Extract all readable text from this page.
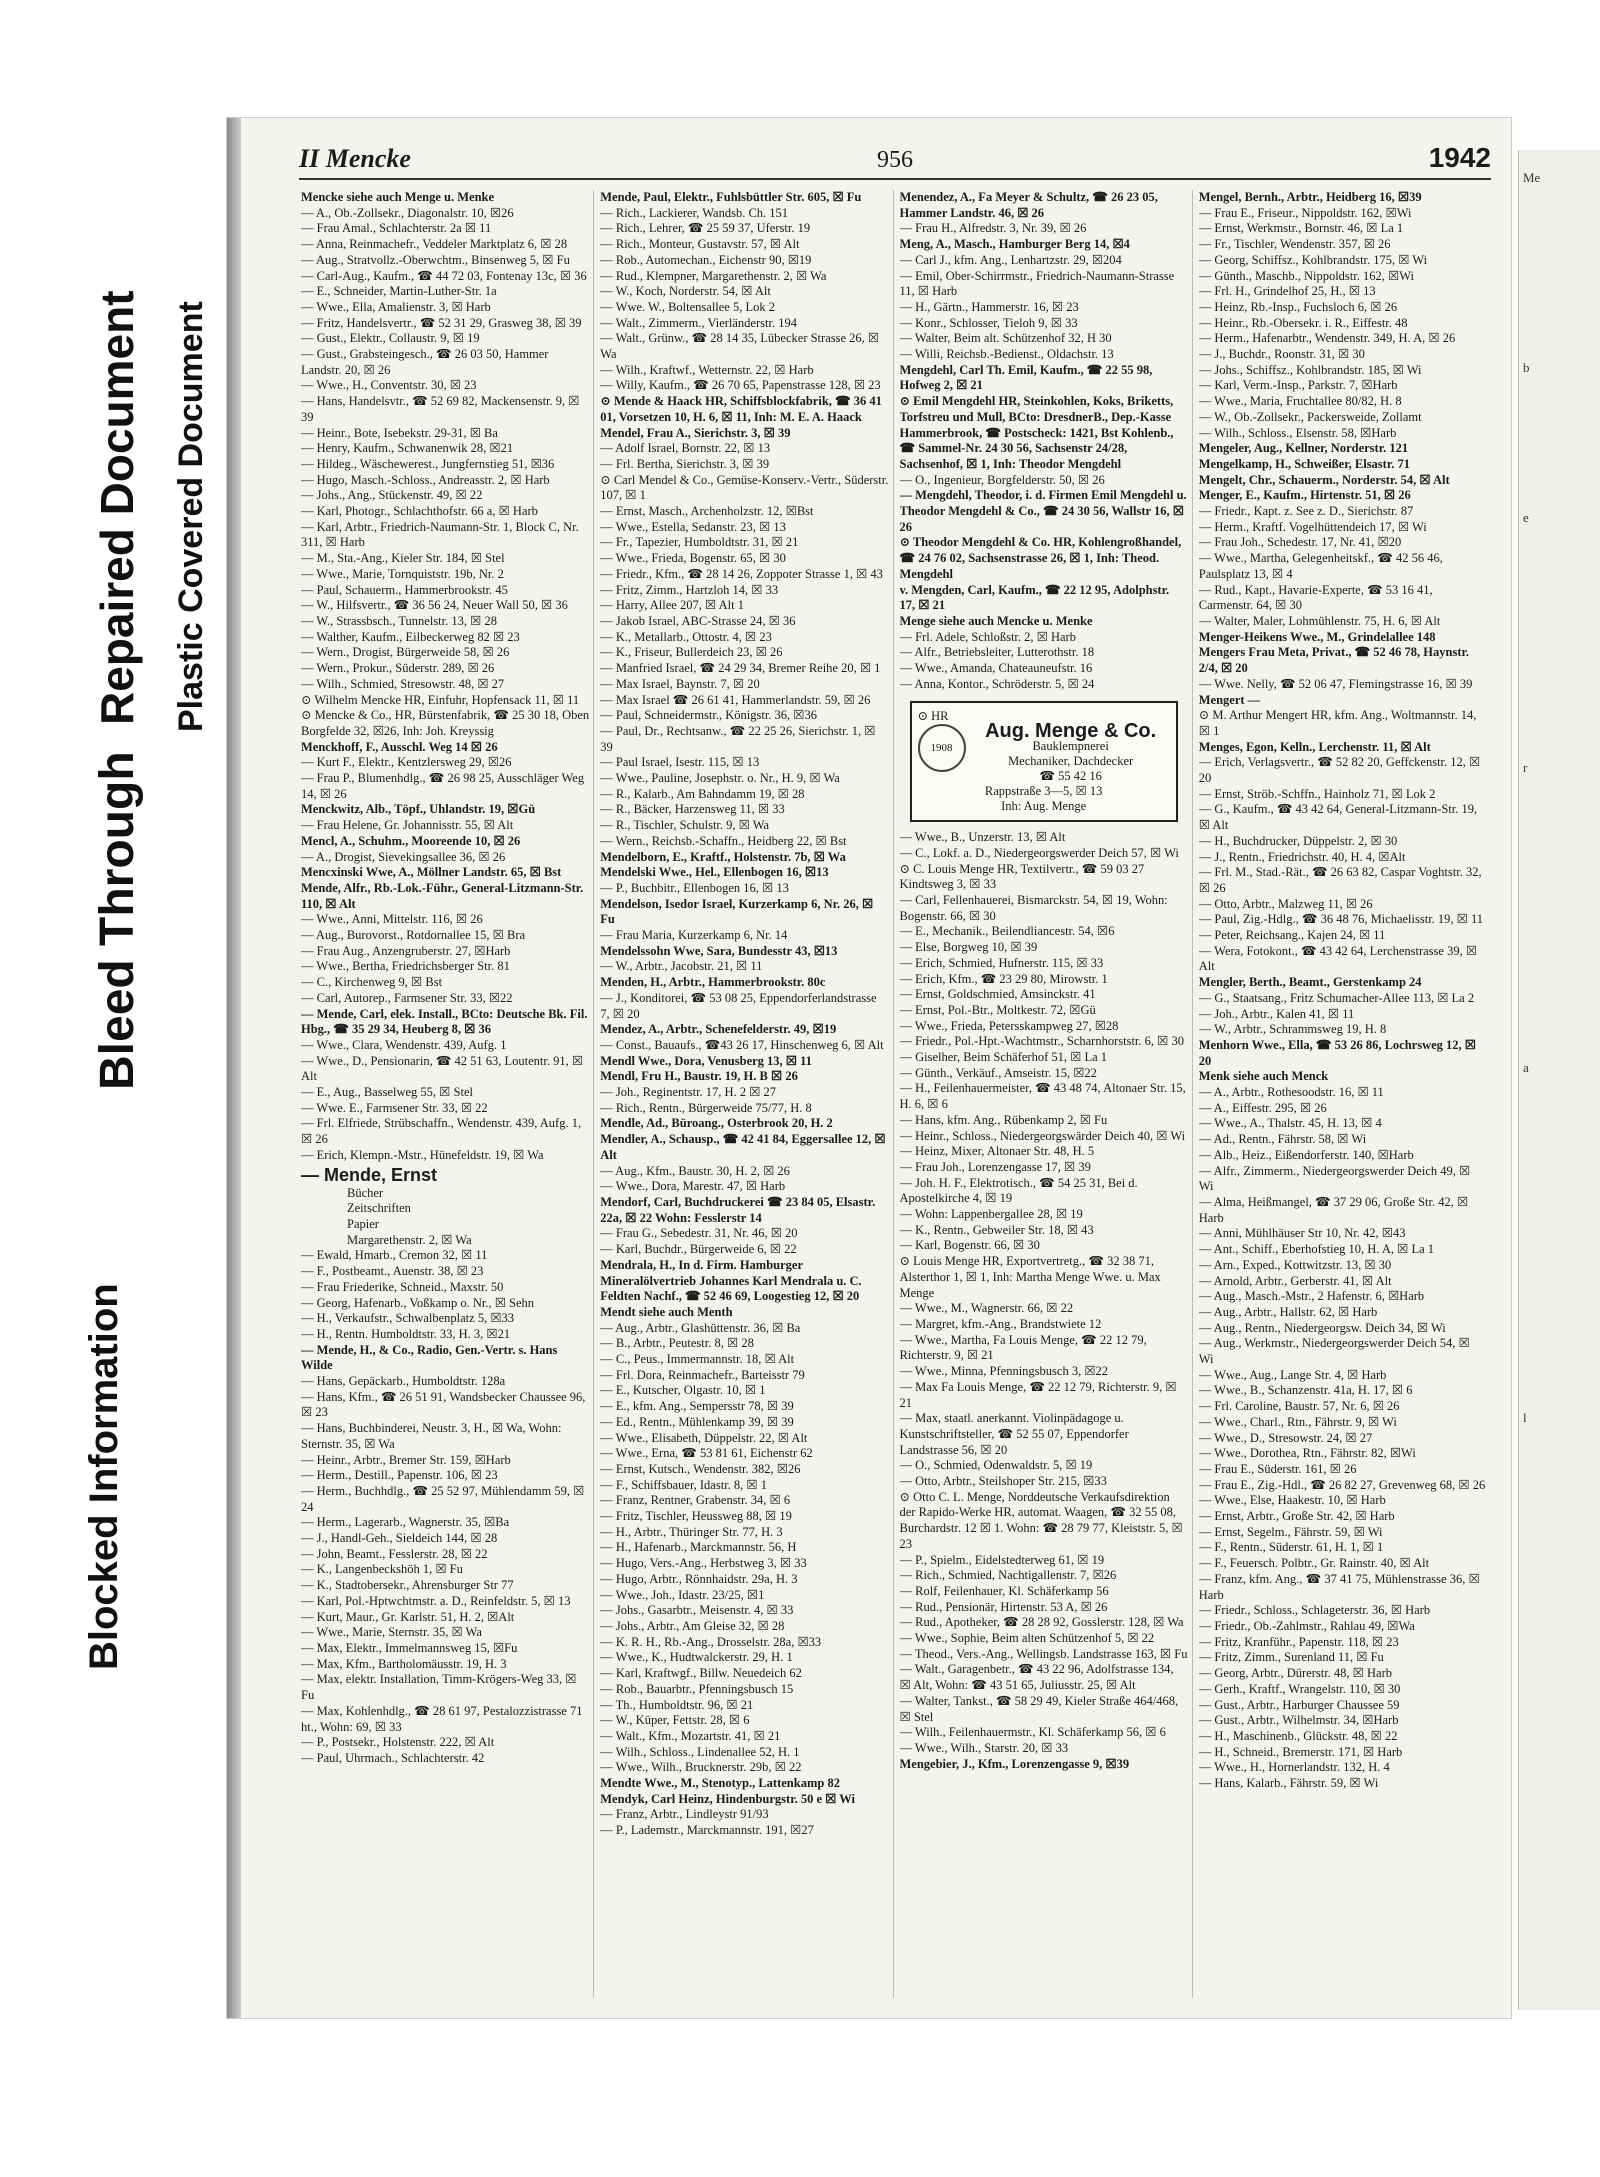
Blocked Information
Bleed Through
Repaired Document Plastic Covered Document
II Mencke	956	1942

Mencke siehe auch Menge u. Menke

— A., Ob.-Zollsekr., Diagonalstr. 10, ☒26

— Frau Amal., Schlachterstr. 2a ☒ 11

— Anna, Reinmachefr., Veddeler Marktplatz 6, ☒ 28

— Aug., Stratvollz.-Oberwchtm., Binsenweg 5, ☒ Fu

— Carl-Aug., Kaufm., ☎ 44 72 03, Fontenay 13c, ☒ 36

— E., Schneider, Martin-Luther-Str. 1a

— Wwe., Ella, Amalienstr. 3, ☒ Harb

— Fritz, Handelsvertr., ☎ 52 31 29, Grasweg 38, ☒ 39

— Gust., Elektr., Collaustr. 9, ☒ 19

— Gust., Grabsteingesch., ☎ 26 03 50, Hammer Landstr. 20, ☒ 26

— Wwe., H., Conventstr. 30, ☒ 23

— Hans, Handelsvtr., ☎ 52 69 82, Mackensenstr. 9, ☒ 39

— Heinr., Bote, Isebekstr. 29-31, ☒ Ba

— Henry, Kaufm., Schwanenwik 28, ☒21

— Hildeg., Wäschewerest., Jungfernstieg 51, ☒36

— Hugo, Masch.-Schloss., Andreasstr. 2, ☒ Harb

— Johs., Ang., Stückenstr. 49, ☒ 22

— Karl, Photogr., Schlachthofstr. 66 a, ☒ Harb

— Karl, Arbtr., Friedrich-Naumann-Str. 1, Block C, Nr. 311, ☒ Harb

— M., Sta.-Ang., Kieler Str. 184, ☒ Stel

— Wwe., Marie, Tornquiststr. 19b, Nr. 2

— Paul, Schauerm., Hammerbrookstr. 45

— W., Hilfsvertr., ☎ 36 56 24, Neuer Wall 50, ☒ 36

— W., Strassbsch., Tunnelstr. 13, ☒ 28

— Walther, Kaufm., Eilbeckerweg 82 ☒ 23

— Wern., Drogist, Bürgerweide 58, ☒ 26

— Wern., Prokur., Süderstr. 289, ☒ 26

— Wilh., Schmied, Stresowstr. 48, ☒ 27

⊙ Wilhelm Mencke HR, Einfuhr, Hopfensack 11, ☒ 11

⊙ Mencke & Co., HR, Bürstenfabrik, ☎ 25 30 18, Oben Borgfelde 32, ☒26, Inh: Joh. Kreyssig

Menckhoff, F., Ausschl. Weg 14 ☒ 26

— Kurt F., Elektr., Kentzlersweg 29, ☒26

— Frau P., Blumenhdlg., ☎ 26 98 25, Ausschläger Weg 14, ☒ 26

Menckwitz, Alb., Töpf., Uhlandstr. 19, ☒Gü

— Frau Helene, Gr. Johannisstr. 55, ☒ Alt

Mencl, A., Schuhm., Mooreende 10, ☒ 26

— A., Drogist, Sievekingsallee 36, ☒ 26

Mencxinski Wwe, A., Möllner Landstr. 65, ☒ Bst

Mende, Alfr., Rb.-Lok.-Führ., General-Litzmann-Str. 110, ☒ Alt

— Wwe., Anni, Mittelstr. 116, ☒ 26

— Aug., Burovorst., Rotdornallee 15, ☒ Bra

— Frau Aug., Anzengruberstr. 27, ☒Harb

— Wwe., Bertha, Friedrichsberger Str. 81

— C., Kirchenweg 9, ☒ Bst

— Carl, Autorep., Farmsener Str. 33, ☒22

— Mende, Carl, elek. Install., BCto: Deutsche Bk. Fil. Hbg., ☎ 35 29 34, Heuberg 8, ☒ 36

— Wwe., Clara, Wendenstr. 439, Aufg. 1

— Wwe., D., Pensionarin, ☎ 42 51 63, Loutentr. 91, ☒ Alt

— E., Aug., Basselweg 55, ☒ Stel

— Wwe. E., Farmsener Str. 33, ☒ 22

— Frl. Elfriede, Strübschaffn., Wendenstr. 439, Aufg. 1, ☒ 26

— Erich, Klempn.-Mstr., Hünefeldstr. 19, ☒ Wa

— Mende, Ernst

Bücher

Zeitschriften

Papier

Margarethenstr. 2, ☒ Wa

— Ewald, Hmarb., Cremon 32, ☒ 11

— F., Postbeamt., Auenstr. 38, ☒ 23

— Frau Friederike, Schneid., Maxstr. 50

— Georg, Hafenarb., Voßkamp o. Nr., ☒ Sehn

— H., Verkaufstr., Schwalbenplatz 5, ☒33

— H., Rentn. Humboldtstr. 33, H. 3, ☒21

— Mende, H., & Co., Radio, Gen.-Vertr. s. Hans Wilde

— Hans, Gepäckarb., Humboldtstr. 128a

— Hans, Kfm., ☎ 26 51 91, Wandsbecker Chaussee 96, ☒ 23

— Hans, Buchbinderei, Neustr. 3, H., ☒ Wa, Wohn: Sternstr. 35, ☒ Wa

— Heinr., Arbtr., Bremer Str. 159, ☒Harb

— Herm., Destill., Papenstr. 106, ☒ 23

— Herm., Buchhdlg., ☎ 25 52 97, Mühlendamm 59, ☒ 24

— Herm., Lagerarb., Wagnerstr. 35, ☒Ba

— J., Handl-Geh., Sieldeich 144, ☒ 28

— John, Beamt., Fesslerstr. 28, ☒ 22

— K., Langenbeckshöh 1, ☒ Fu

— K., Stadtobersekr., Ahrensburger Str 77

— Karl, Pol.-Hptwchtmstr. a. D., Reinfeldstr. 5, ☒ 13

— Kurt, Maur., Gr. Karlstr. 51, H. 2, ☒Alt

— Wwe., Marie, Sternstr. 35, ☒ Wa

— Max, Elektr., Immelmannsweg 15, ☒Fu

— Max, Kfm., Bartholomäusstr. 19, H. 3

— Max, elektr. Installation, Timm-Krögers-Weg 33, ☒ Fu

— Max, Kohlenhdlg., ☎ 28 61 97, Pestalozzistrasse 71 ht., Wohn: 69, ☒ 33

— P., Postsekr., Holstenstr. 222, ☒ Alt

— Paul, Uhrmach., Schlachterstr. 42

Mende, Paul, Elektr., Fuhlsbüttler Str. 605, ☒ Fu

— Rich., Lackierer, Wandsb. Ch. 151

— Rich., Lehrer, ☎ 25 59 37, Uferstr. 19

— Rich., Monteur, Gustavstr. 57, ☒ Alt

— Rob., Automechan., Eichenstr 90, ☒19

— Rud., Klempner, Margarethenstr. 2, ☒ Wa

— W., Koch, Norderstr. 54, ☒ Alt

— Wwe. W., Boltensallee 5, Lok 2

— Walt., Zimmerm., Vierländerstr. 194

— Walt., Grünw., ☎ 28 14 35, Lübecker Strasse 26, ☒ Wa

— Wilh., Kraftwf., Wetternstr. 22, ☒ Harb

— Willy, Kaufm., ☎ 26 70 65, Papenstrasse 128, ☒ 23

⊙ Mende & Haack HR, Schiffsblockfabrik, ☎ 36 41 01, Vorsetzen 10, H. 6, ☒ 11, Inh: M. E. A. Haack

Mendel, Frau A., Sierichstr. 3, ☒ 39

— Adolf Israel, Bornstr. 22, ☒ 13

— Frl. Bertha, Sierichstr. 3, ☒ 39

⊙ Carl Mendel & Co., Gemüse-Konserv.-Vertr., Süderstr. 107, ☒ 1

— Ernst, Masch., Archenholzstr. 12, ☒Bst

— Wwe., Estella, Sedanstr. 23, ☒ 13

— Fr., Tapezier, Humboldtstr. 31, ☒ 21

— Wwe., Frieda, Bogenstr. 65, ☒ 30

— Friedr., Kfm., ☎ 28 14 26, Zoppoter Strasse 1, ☒ 43

— Fritz, Zimm., Hartzloh 14, ☒ 33

— Harry, Allee 207, ☒ Alt 1

— Jakob Israel, ABC-Strasse 24, ☒ 36

— K., Metallarb., Ottostr. 4, ☒ 23

— K., Friseur, Bullerdeich 23, ☒ 26

— Manfried Israel, ☎ 24 29 34, Bremer Reihe 20, ☒ 1

— Max Israel, Baynstr. 7, ☒ 20

— Max Israel ☎ 26 61 41, Hammerlandstr. 59, ☒ 26

— Paul, Schneidermstr., Königstr. 36, ☒36

— Paul, Dr., Rechtsanw., ☎ 22 25 26, Sierichstr. 1, ☒ 39

— Paul Israel, Isestr. 115, ☒ 13

— Wwe., Pauline, Josephstr. o. Nr., H. 9, ☒ Wa

— R., Kalarb., Am Bahndamm 19, ☒ 28

— R., Bäcker, Harzensweg 11, ☒ 33

— R., Tischler, Schulstr. 9, ☒ Wa

— Wern., Reichsb.-Schaffn., Heidberg 22, ☒ Bst

Mendelborn, E., Kraftf., Holstenstr. 7b, ☒ Wa

Mendelski Wwe., Hel., Ellenbogen 16, ☒13

— P., Buchbitr., Ellenbogen 16, ☒ 13

Mendelson, Isedor Israel, Kurzerkamp 6, Nr. 26, ☒ Fu

— Frau Maria, Kurzerkamp 6, Nr. 14

Mendelssohn Wwe, Sara, Bundesstr 43, ☒13

— W., Arbtr., Jacobstr. 21, ☒ 11

Menden, H., Arbtr., Hammerbrookstr. 80c

— J., Konditorei, ☎ 53 08 25, Eppendorferlandstrasse 7, ☒ 20

Mendez, A., Arbtr., Schenefelderstr. 49, ☒19

— Const., Bauaufs., ☎43 26 17, Hinschenweg 6, ☒ Alt

Mendl Wwe., Dora, Venusberg 13, ☒ 11

Mendl, Fru H., Baustr. 19, H. B ☒ 26

— Joh., Reginentstr. 17, H. 2 ☒ 27

— Rich., Rentn., Bürgerweide 75/77, H. 8

Mendle, Ad., Büroang., Osterbrook 20, H. 2

Mendler, A., Schausp., ☎ 42 41 84, Eggersallee 12, ☒ Alt

— Aug., Kfm., Baustr. 30, H. 2, ☒ 26

— Wwe., Dora, Marestr. 47, ☒ Harb

Mendorf, Carl, Buchdruckerei ☎ 23 84 05, Elsastr. 22a, ☒ 22 Wohn: Fesslerstr 14

— Frau G., Sebedestr. 31, Nr. 46, ☒ 20

— Karl, Buchdr., Bürgerweide 6, ☒ 22

Mendrala, H., In d. Firm. Hamburger Mineralölvertrieb Johannes Karl Mendrala u. C. Feldten Nachf., ☎ 52 46 69, Loogestieg 12, ☒ 20

Mendt siehe auch Menth

— Aug., Arbtr., Glashüttenstr. 36, ☒ Ba

— B., Arbtr., Peutestr. 8, ☒ 28

— C., Peus., Immermannstr. 18, ☒ Alt

— Frl. Dora, Reinmachefr., Barteisstr 79

— E., Kutscher, Olgastr. 10, ☒ 1

— E., kfm. Ang., Sempersstr 78, ☒ 39

— Ed., Rentn., Mühlenkamp 39, ☒ 39

— Wwe., Elisabeth, Düppelstr. 22, ☒ Alt

— Wwe., Erna, ☎ 53 81 61, Eichenstr 62

— Ernst, Kutsch., Wendenstr. 382, ☒26

— F., Schiffsbauer, Idastr. 8, ☒ 1

— Franz, Rentner, Grabenstr. 34, ☒ 6

— Fritz, Tischler, Heussweg 88, ☒ 19

— H., Arbtr., Thüringer Str. 77, H. 3

— H., Hafenarb., Marckmannstr. 56, H

— Hugo, Vers.-Ang., Herbstweg 3, ☒ 33

— Hugo, Arbtr., Rönnhaidstr. 29a, H. 3

— Wwe., Joh., Idastr. 23/25, ☒1

— Johs., Gasarbtr., Meisenstr. 4, ☒ 33

— Johs., Arbtr., Am Gleise 32, ☒ 28

— K. R. H., Rb.-Ang., Drosselstr. 28a, ☒33

— Wwe., K., Hudtwalckerstr. 29, H. 1

— Karl, Kraftwgf., Billw. Neuedeich 62

— Rob., Bauarbtr., Pfenningsbusch 15

— Th., Humboldtstr. 96, ☒ 21

— W., Küper, Fettstr. 28, ☒ 6

— Walt., Kfm., Mozartstr. 41, ☒ 21

— Wilh., Schloss., Lindenallee 52, H. 1

— Wwe., Wilh., Brucknerstr. 29b, ☒ 22

Mendte Wwe., M., Stenotyp., Lattenkamp 82

Mendyk, Carl Heinz, Hindenburgstr. 50 e ☒ Wi

— Franz, Arbtr., Lindleystr 91/93

— P., Lademstr., Marckmannstr. 191, ☒27

Menendez, A., Fa Meyer & Schultz, ☎ 26 23 05, Hammer Landstr. 46, ☒ 26

— Frau H., Alfredstr. 3, Nr. 39, ☒ 26

Meng, A., Masch., Hamburger Berg 14, ☒4

— Carl J., kfm. Ang., Lenhartzstr. 29, ☒204

— Emil, Ober-Schirrmstr., Friedrich-Naumann-Strasse 11, ☒ Harb

— H., Gärtn., Hammerstr. 16, ☒ 23

— Konr., Schlosser, Tieloh 9, ☒ 33

— Walter, Beim alt. Schützenhof 32, H 30

— Willi, Reichsb.-Bedienst., Oldachstr. 13

Mengdehl, Carl Th. Emil, Kaufm., ☎ 22 55 98, Hofweg 2, ☒ 21

⊙ Emil Mengdehl HR, Steinkohlen, Koks, Briketts, Torfstreu und Mull, BCto: DresdnerB., Dep.-Kasse Hammerbrook, ☎ Postscheck: 1421, Bst Kohlenb., ☎ Sammel-Nr. 24 30 56, Sachsenstr 24/28, Sachsenhof, ☒ 1, Inh: Theodor Mengdehl

— O., Ingenieur, Borgfelderstr. 50, ☒ 26

— Mengdehl, Theodor, i. d. Firmen Emil Mengdehl u. Theodor Mengdehl & Co., ☎ 24 30 56, Wallstr 16, ☒ 26

⊙ Theodor Mengdehl & Co. HR, Kohlengroßhandel, ☎ 24 76 02, Sachsenstrasse 26, ☒ 1, Inh: Theod. Mengdehl

v. Mengden, Carl, Kaufm., ☎ 22 12 95, Adolphstr. 17, ☒ 21

Menge siehe auch Mencke u. Menke

— Frl. Adele, Schloßstr. 2, ☒ Harb

— Alfr., Betriebsleiter, Lutterothstr. 18

— Wwe., Amanda, Chateauneufstr. 16

— Anna, Kontor., Schröderstr. 5, ☒ 24

⊙ HR
1908
Aug. Menge & Co.
Bauklempnerei
Mechaniker, Dachdecker
☎ 55 42 16
Rappstraße 3—5, ☒ 13
Inh: Aug. Menge

— Wwe., B., Unzerstr. 13, ☒ Alt

— C., Lokf. a. D., Niedergeorgswerder Deich 57, ☒ Wi

⊙ C. Louis Menge HR, Textilvertr., ☎ 59 03 27 Kindtsweg 3, ☒ 33

— Carl, Fellenhauerei, Bismarckstr. 54, ☒ 19, Wohn: Bogenstr. 66, ☒ 30

— E., Mechanik., Beilendliancestr. 54, ☒6

— Else, Borgweg 10, ☒ 39

— Erich, Schmied, Hufnerstr. 115, ☒ 33

— Erich, Kfm., ☎ 23 29 80, Mirowstr. 1

— Ernst, Goldschmied, Amsinckstr. 41

— Ernst, Pol.-Btr., Moltkestr. 72, ☒Gü

— Wwe., Frieda, Petersskampweg 27, ☒28

— Friedr., Pol.-Hpt.-Wachtmstr., Scharnhorststr. 6, ☒ 30

— Giselher, Beim Schäferhof 51, ☒ La 1

— Günth., Verkäuf., Amseistr. 15, ☒22

— H., Feilenhauermeister, ☎ 43 48 74, Altonaer Str. 15, H. 6, ☒ 6

— Hans, kfm. Ang., Rübenkamp 2, ☒ Fu

— Heinr., Schloss., Niedergeorgswärder Deich 40, ☒ Wi

— Heinz, Mixer, Altonaer Str. 48, H. 5

— Frau Joh., Lorenzengasse 17, ☒ 39

— Joh. H. F., Elektrotisch., ☎ 54 25 31, Bei d. Apostelkirche 4, ☒ 19

— Wohn: Lappenbergallee 28, ☒ 19

— K., Rentn., Gebweiler Str. 18, ☒ 43

— Karl, Bogenstr. 66, ☒ 30

⊙ Louis Menge HR, Exportvertretg., ☎ 32 38 71, Alsterthor 1, ☒ 1, Inh: Martha Menge Wwe. u. Max Menge

— Wwe., M., Wagnerstr. 66, ☒ 22

— Margret, kfm.-Ang., Brandstwiete 12

— Wwe., Martha, Fa Louis Menge, ☎ 22 12 79, Richterstr. 9, ☒ 21

— Wwe., Minna, Pfenningsbusch 3, ☒22

— Max Fa Louis Menge, ☎ 22 12 79, Richterstr. 9, ☒ 21

— Max, staatl. anerkannt. Violinpädagoge u. Kunstschriftsteller, ☎ 52 55 07, Eppendorfer Landstrasse 56, ☒ 20

— O., Schmied, Odenwaldstr. 5, ☒ 19

— Otto, Arbtr., Steilshoper Str. 215, ☒33

⊙ Otto C. L. Menge, Norddeutsche Verkaufsdirektion der Rapido-Werke HR, automat. Waagen, ☎ 32 55 08, Burchardstr. 12 ☒ 1. Wohn: ☎ 28 79 77, Kleiststr. 5, ☒ 23

— P., Spielm., Eidelstedterweg 61, ☒ 19

— Rich., Schmied, Nachtigallenstr. 7, ☒26

— Rolf, Feilenhauer, Kl. Schäferkamp 56

— Rud., Pensionär, Hirtenstr. 53 A, ☒ 26

— Rud., Apotheker, ☎ 28 28 92, Gosslerstr. 128, ☒ Wa

— Wwe., Sophie, Beim alten Schützenhof 5, ☒ 22

— Theod., Vers.-Ang., Wellingsb. Landstrasse 163, ☒ Fu

— Walt., Garagenbetr., ☎ 43 22 96, Adolfstrasse 134, ☒ Alt, Wohn: ☎ 43 51 65, Juliusstr. 25, ☒ Alt

— Walter, Tankst., ☎ 58 29 49, Kieler Straße 464/468, ☒ Stel

— Wilh., Feilenhauermstr., Kl. Schäferkamp 56, ☒ 6

— Wwe., Wilh., Starstr. 20, ☒ 33

Mengebier, J., Kfm., Lorenzengasse 9, ☒39

Mengel, Bernh., Arbtr., Heidberg 16, ☒39

— Frau E., Friseur., Nippoldstr. 162, ☒Wi

— Ernst, Werkmstr., Bornstr. 46, ☒ La 1

— Fr., Tischler, Wendenstr. 357, ☒ 26

— Georg, Schiffsz., Kohlbrandstr. 175, ☒ Wi

— Günth., Maschb., Nippoldstr. 162, ☒Wi

— Frl. H., Grindelhof 25, H., ☒ 13

— Heinz, Rb.-Insp., Fuchsloch 6, ☒ 26

— Heinr., Rb.-Obersekr. i. R., Eiffestr. 48

— Herm., Hafenarbtr., Wendenstr. 349, H. A, ☒ 26

— J., Buchdr., Roonstr. 31, ☒ 30

— Johs., Schiffsz., Kohlbrandstr. 185, ☒ Wi

— Karl, Verm.-Insp., Parkstr. 7, ☒Harb

— Wwe., Maria, Fruchtallee 80/82, H. 8

— W., Ob.-Zollsekr., Packersweide, Zollamt

— Wilh., Schloss., Elsenstr. 58, ☒Harb

Mengeler, Aug., Kellner, Norderstr. 121

Mengelkamp, H., Schweißer, Elsastr. 71

Mengelt, Chr., Schauerm., Norderstr. 54, ☒ Alt

Menger, E., Kaufm., Hirtenstr. 51, ☒ 26

— Friedr., Kapt. z. See z. D., Sierichstr. 87

— Herm., Kraftf. Vogelhüttendeich 17, ☒ Wi

— Frau Joh., Schedestr. 17, Nr. 41, ☒20

— Wwe., Martha, Gelegenheitskf., ☎ 42 56 46, Paulsplatz 13, ☒ 4

— Rud., Kapt., Havarie-Experte, ☎ 53 16 41, Carmenstr. 64, ☒ 30

— Walter, Maler, Lohmühlenstr. 75, H. 6, ☒ Alt

Menger-Heikens Wwe., M., Grindelallee 148

Mengers Frau Meta, Privat., ☎ 52 46 78, Haynstr. 2/4, ☒ 20

— Wwe. Nelly, ☎ 52 06 47, Flemingstrasse 16, ☒ 39

Mengert —

⊙ M. Arthur Mengert HR, kfm. Ang., Woltmannstr. 14, ☒ 1

Menges, Egon, Kelln., Lerchenstr. 11, ☒ Alt

— Erich, Verlagsvertr., ☎ 52 82 20, Geffckenstr. 12, ☒ 20

— Ernst, Ströb.-Schffn., Hainholz 71, ☒ Lok 2

— G., Kaufm., ☎ 43 42 64, General-Litzmann-Str. 19, ☒ Alt

— H., Buchdrucker, Düppelstr. 2, ☒ 30

— J., Rentn., Friedrichstr. 40, H. 4, ☒Alt

— Frl. M., Stad.-Rät., ☎ 26 63 82, Caspar Voghtstr. 32, ☒ 26

— Otto, Arbtr., Malzweg 11, ☒ 26

— Paul, Zig.-Hdlg., ☎ 36 48 76, Michaelisstr. 19, ☒ 11

— Peter, Reichsang., Kajen 24, ☒ 11

— Wera, Fotokont., ☎ 43 42 64, Lerchenstrasse 39, ☒ Alt

Mengler, Berth., Beamt., Gerstenkamp 24

— G., Staatsang., Fritz Schumacher-Allee 113, ☒ La 2

— Joh., Arbtr., Kalen 41, ☒ 11

— W., Arbtr., Schrammsweg 19, H. 8

Menhorn Wwe., Ella, ☎ 53 26 86, Lochrsweg 12, ☒ 20

Menk siehe auch Menck

— A., Arbtr., Rothesoodstr. 16, ☒ 11

— A., Eiffestr. 295, ☒ 26

— Wwe., A., Thalstr. 45, H. 13, ☒ 4

— Ad., Rentn., Fährstr. 58, ☒ Wi

— Alb., Heiz., Eißendorferstr. 140, ☒Harb

— Alfr., Zimmerm., Niedergeorgswerder Deich 49, ☒ Wi

— Alma, Heißmangel, ☎ 37 29 06, Große Str. 42, ☒ Harb

— Anni, Mühlhäuser Str 10, Nr. 42, ☒43

— Ant., Schiff., Eberhofstieg 10, H. A, ☒ La 1

— Arn., Exped., Kottwitzstr. 13, ☒ 30

— Arnold, Arbtr., Gerberstr. 41, ☒ Alt

— Aug., Masch.-Mstr., 2 Hafenstr. 6, ☒Harb

— Aug., Arbtr., Hallstr. 62, ☒ Harb

— Aug., Rentn., Niedergeorgsw. Deich 34, ☒ Wi

— Aug., Werkmstr., Niedergeorgswerder Deich 54, ☒ Wi

— Wwe., Aug., Lange Str. 4, ☒ Harb

— Wwe., B., Schanzenstr. 41a, H. 17, ☒ 6

— Frl. Caroline, Baustr. 57, Nr. 6, ☒ 26

— Wwe., Charl., Rtn., Fährstr. 9, ☒ Wi

— Wwe., D., Stresowstr. 24, ☒ 27

— Wwe., Dorothea, Rtn., Fährstr. 82, ☒Wi

— Frau E., Süderstr. 161, ☒ 26

— Frau E., Zig.-Hdl., ☎ 26 82 27, Grevenweg 68, ☒ 26

— Wwe., Else, Haakestr. 10, ☒ Harb

— Ernst, Arbtr., Große Str. 42, ☒ Harb

— Ernst, Segelm., Fährstr. 59, ☒ Wi

— F., Rentn., Süderstr. 61, H. 1, ☒ 1

— F., Feuersch. Polbtr., Gr. Rainstr. 40, ☒ Alt

— Franz, kfm. Ang., ☎ 37 41 75, Mühlenstrasse 36, ☒ Harb

— Friedr., Schloss., Schlageterstr. 36, ☒ Harb

— Friedr., Ob.-Zahlmstr., Rahlau 49, ☒Wa

— Fritz, Kranführ., Papenstr. 118, ☒ 23

— Fritz, Zimm., Surenland 11, ☒ Fu

— Georg, Arbtr., Dürerstr. 48, ☒ Harb

— Gerh., Kraftf., Wrangelstr. 110, ☒ 30

— Gust., Arbtr., Harburger Chaussee 59

— Gust., Arbtr., Wilhelmstr. 34, ☒Harb

— H., Maschinenb., Glückstr. 48, ☒ 22

— H., Schneid., Bremerstr. 171, ☒ Harb

— Wwe., H., Hornerlandstr. 132, H. 4

— Hans, Kalarb., Fährstr. 59, ☒ Wi

Me
b
e
r
a
l
